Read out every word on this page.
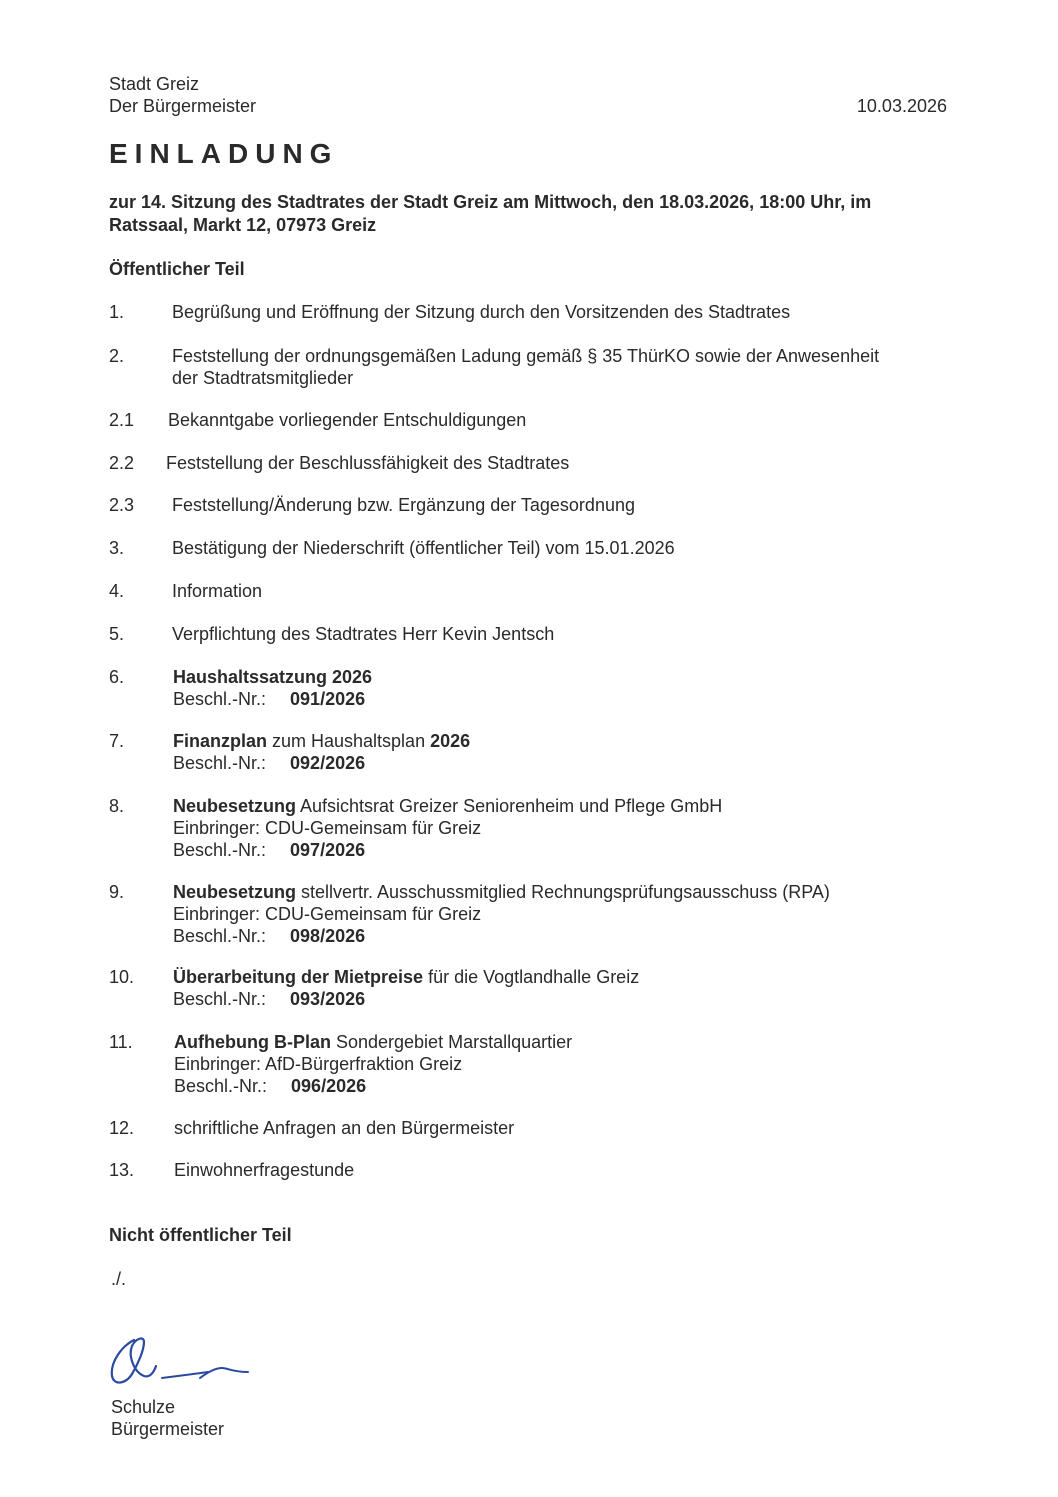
Stadt Greiz
Der Bürgermeister	10.03.2026
EINLADUNG
zur 14. Sitzung des Stadtrates der Stadt Greiz am Mittwoch, den 18.03.2026, 18:00 Uhr, im Ratssaal, Markt 12, 07973 Greiz
Öffentlicher Teil
1.	Begrüßung und Eröffnung der Sitzung durch den Vorsitzenden des Stadtrates
2.	Feststellung der ordnungsgemäßen Ladung gemäß § 35 ThürKO sowie der Anwesenheit
der Stadtratsmitglieder
2.1 Bekanntgabe vorliegender Entschuldigungen
2.2 Feststellung der Beschlussfähigkeit des Stadtrates
2.3 Feststellung/Änderung bzw. Ergänzung der Tagesordnung
3.	Bestätigung der Niederschrift (öffentlicher Teil) vom 15.01.2026
4.	Information
5.	Verpflichtung des Stadtrates Herr Kevin Jentsch
6.	Haushaltssatzung 2026
Beschl.-Nr.: 091/2026
7.	Finanzplan zum Haushaltsplan 2026
Beschl.-Nr.: 092/2026
8.	Neubesetzung Aufsichtsrat Greizer Seniorenheim und Pflege GmbH
Einbringer: CDU-Gemeinsam für Greiz
Beschl.-Nr.: 097/2026
9.	Neubesetzung stellvertr. Ausschussmitglied Rechnungsprüfungsausschuss (RPA)
Einbringer: CDU-Gemeinsam für Greiz
Beschl.-Nr.: 098/2026
10. Überarbeitung der Mietpreise für die Vogtlandhalle Greiz
Beschl.-Nr.: 093/2026
11. Aufhebung B-Plan Sondergebiet Marstallquartier
Einbringer: AfD-Bürgerfraktion Greiz
Beschl.-Nr.: 096/2026
12. schriftliche Anfragen an den Bürgermeister
13. Einwohnerfragestunde
Nicht öffentlicher Teil
./.
Schulze
Bürgermeister
